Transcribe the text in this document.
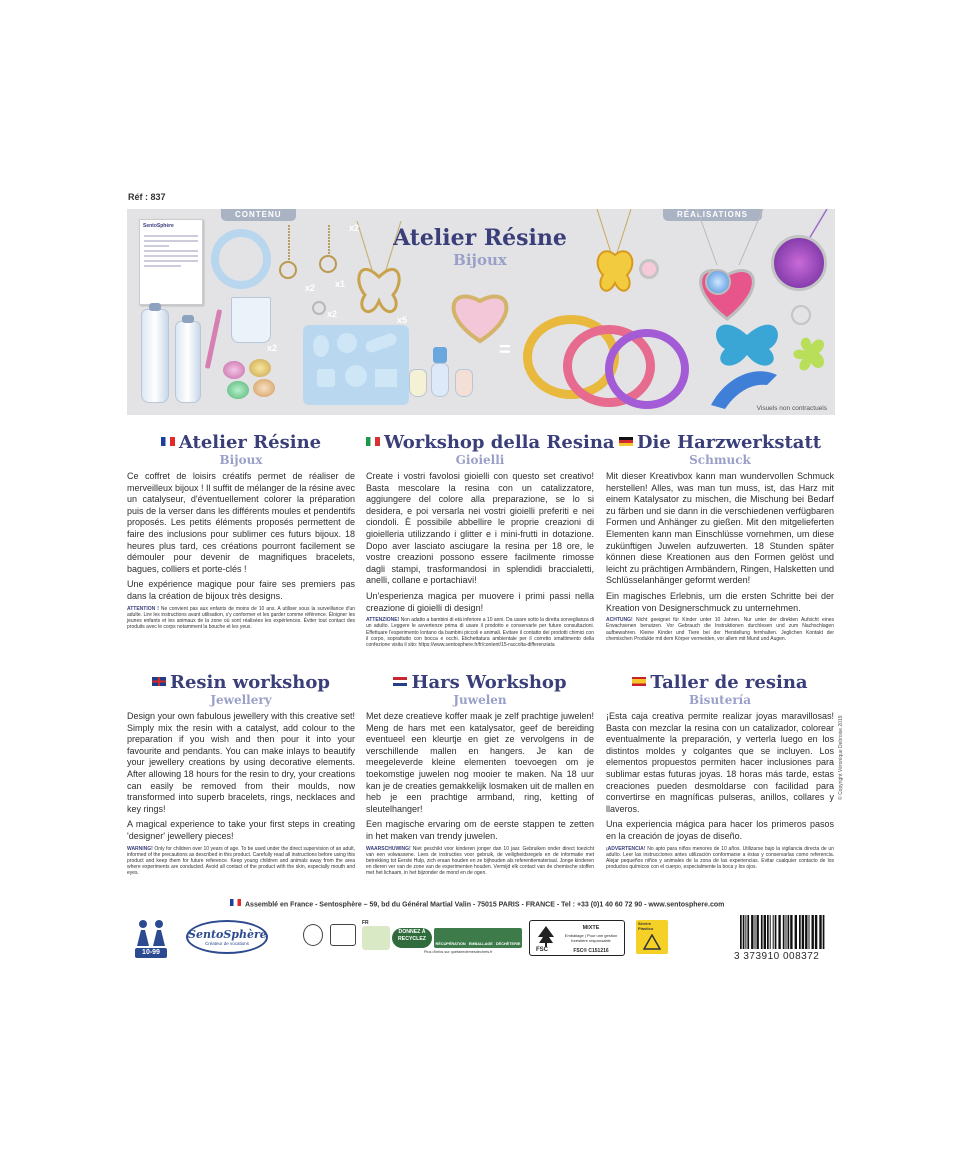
Réf : 837
CONTENU	RÉALISATIONS
SentoSphère
x2 x1
x2
x2
x5
x2
Atelier Résine
Bijoux
=
Visuels non contractuels
Atelier Résine
Bijoux

Ce coffret de loisirs créatifs permet de réaliser de merveilleux bijoux ! Il suffit de mélanger de la résine avec un catalyseur, d'éventuellement colorer la préparation puis de la verser dans les différents moules et pendentifs proposés. Les petits éléments proposés permettent de faire des inclusions pour sublimer ces futurs bijoux. 18 heures plus tard, ces créations pourront facilement se démouler pour devenir de magnifiques bracelets, bagues, colliers et porte-clés !

Une expérience magique pour faire ses premiers pas dans la création de bijoux très designs.

ATTENTION ! Ne convient pas aux enfants de moins de 10 ans. A utiliser sous la surveillance d'un adulte. Lire les instructions avant utilisation, s'y conformer et les garder comme référence. Éloigner les jeunes enfants et les animaux de la zone où sont réalisées les expériences. Éviter tout contact des produits avec le corps notamment la bouche et les yeux.

Workshop della Resina
Gioielli

Create i vostri favolosi gioielli con questo set creativo! Basta mescolare la resina con un catalizzatore, aggiungere del colore alla preparazione, se lo si desidera, e poi versarla nei vostri gioielli preferiti e nei ciondoli. È possibile abbellire le proprie creazioni di gioielleria utilizzando i glitter e i mini-frutti in dotazione. Dopo aver lasciato asciugare la resina per 18 ore, le vostre creazioni possono essere facilmente rimosse dagli stampi, trasformandosi in splendidi braccialetti, anelli, collane e portachiavi!

Un'esperienza magica per muovere i primi passi nella creazione di gioielli di design!

ATTENZIONE! Non adatto a bambini di età inferiore a 10 anni. Da usare sotto la diretta sorveglianza di un adulto. Leggere le avvertenze prima di usare il prodotto e conservarle per future consultazioni. Effettuare l'esperimento lontano da bambini piccoli e animali. Evitare il contatto dei prodotti chimici con il corpo, soprattutto con bocca e occhi. Etichettatura ambientale per il corretto smaltimento della confezione visita il sito: https://www.sentosphere.fr/fr/content/15-raccolta-differenziata

Die Harzwerkstatt
Schmuck

Mit dieser Kreativbox kann man wundervollen Schmuck herstellen! Alles, was man tun muss, ist, das Harz mit einem Katalysator zu mischen, die Mischung bei Bedarf zu färben und sie dann in die verschiedenen verfügbaren Formen und Anhänger zu gießen. Mit den mitgelieferten Elementen kann man Einschlüsse vornehmen, um diese zukünftigen Juwelen aufzuwerten. 18 Stunden später können diese Kreationen aus den Formen gelöst und leicht zu prächtigen Armbändern, Ringen, Halsketten und Schlüsselanhänger geformt werden!

Ein magisches Erlebnis, um die ersten Schritte bei der Kreation von Designerschmuck zu unternehmen.

ACHTUNG! Nicht geeignet für Kinder unter 10 Jahren. Nur unter der direkten Aufsicht eines Erwachsenen benutzen. Vor Gebrauch die Instruktionen durchlesen und zum Nachschlagen aufbewahren. Kleine Kinder und Tiere bei der Herstellung fernhalten. Jeglichen Kontakt der chemischen Produkte mit dem Körper vermeiden, vor allem mit Mund und Augen.

Resin workshop
Jewellery

Design your own fabulous jewellery with this creative set! Simply mix the resin with a catalyst, add colour to the preparation if you wish and then pour it into your favourite and pendants. You can make inlays to beautify your jewellery creations by using decorative elements. After allowing 18 hours for the resin to dry, your creations can easily be removed from their moulds, now transformed into superb bracelets, rings, necklaces and key rings!

A magical experience to take your first steps in creating 'designer' jewellery pieces!

WARNING! Only for children over 10 years of age. To be used under the direct supervision of an adult, informed of the precautions as described in this product. Carefully read all instructions before using this product and keep them for future reference. Keep young children and animals away from the area where experiments are conducted. Avoid all contact of the product with the skin, especially mouth and eyes.

Hars Workshop
Juwelen

Met deze creatieve koffer maak je zelf prachtige juwelen! Meng de hars met een katalysator, geef de bereiding eventueel een kleurtje en giet ze vervolgens in de verschillende mallen en hangers. Je kan de meegeleverde kleine elementen toevoegen om je toekomstige juwelen nog mooier te maken. Na 18 uur kan je de creaties gemakkelijk losmaken uit de mallen en heb je een prachtige armband, ring, ketting of sleutelhanger!

Een magische ervaring om de eerste stappen te zetten in het maken van trendy juwelen.

WAARSCHUWING! Niet geschikt voor kinderen jonger dan 10 jaar. Gebruiken onder direct toezicht van een volwassene. Lees de instructies voor gebruik, de veiligheidsregels en de informatie met betrekking tot Eerste Hulp, zich eraan houden en ze bijhouden als referentiemateriaal. Jonge kinderen en dieren ver van de zone van de experimenten houden. Vermijd elk contact van de chemische stoffen met het lichaam, in het bijzonder de mond en de ogen.

Taller de resina
Bisutería

¡Esta caja creativa permite realizar joyas maravillosas! Basta con mezclar la resina con un catalizador, colorear eventualmente la preparación, y verterla luego en los distintos moldes y colgantes que se incluyen. Los elementos propuestos permiten hacer inclusiones para sublimar estas futuras joyas. 18 horas más tarde, estas creaciones pueden desmoldarse con facilidad para convertirse en magníficas pulseras, anillos, collares y llaveros.

Una experiencia mágica para hacer los primeros pasos en la creación de joyas de diseño.

¡ADVERTENCIA! No apto para niños menores de 10 años. Utilizarse bajo la vigilancia directa de un adulto. Leer las instrucciones antes utilización conformarse a éstas y conservarlas como referencia. Alejar pequeños niños y animales de la zona de las experiencias. Evitar cualquier contacto de los productos químicos con el cuerpo, especialmente la boca y los ojos.

© Copyright Véronique Debroise 2019
Assemblé en France - Sentosphère – 59, bd du Général Martial Valin - 75015 PARIS - FRANCE - Tel : +33 (0)1 40 60 72 90 - www.sentosphere.com
10-99
SentoSphère
Créateur de vocations
FR
DONNEZ À RECYCLEZ
RÉCUPÉRATION EMBALLAGE DÉCHÈTERIE
Plus d'infos sur quefairedemesdechets.fr	FSC
MIXTE
Emballage | Pour une gestion forestière responsable
FSC® C151216
Sévère Plastico
3 373910 008372
